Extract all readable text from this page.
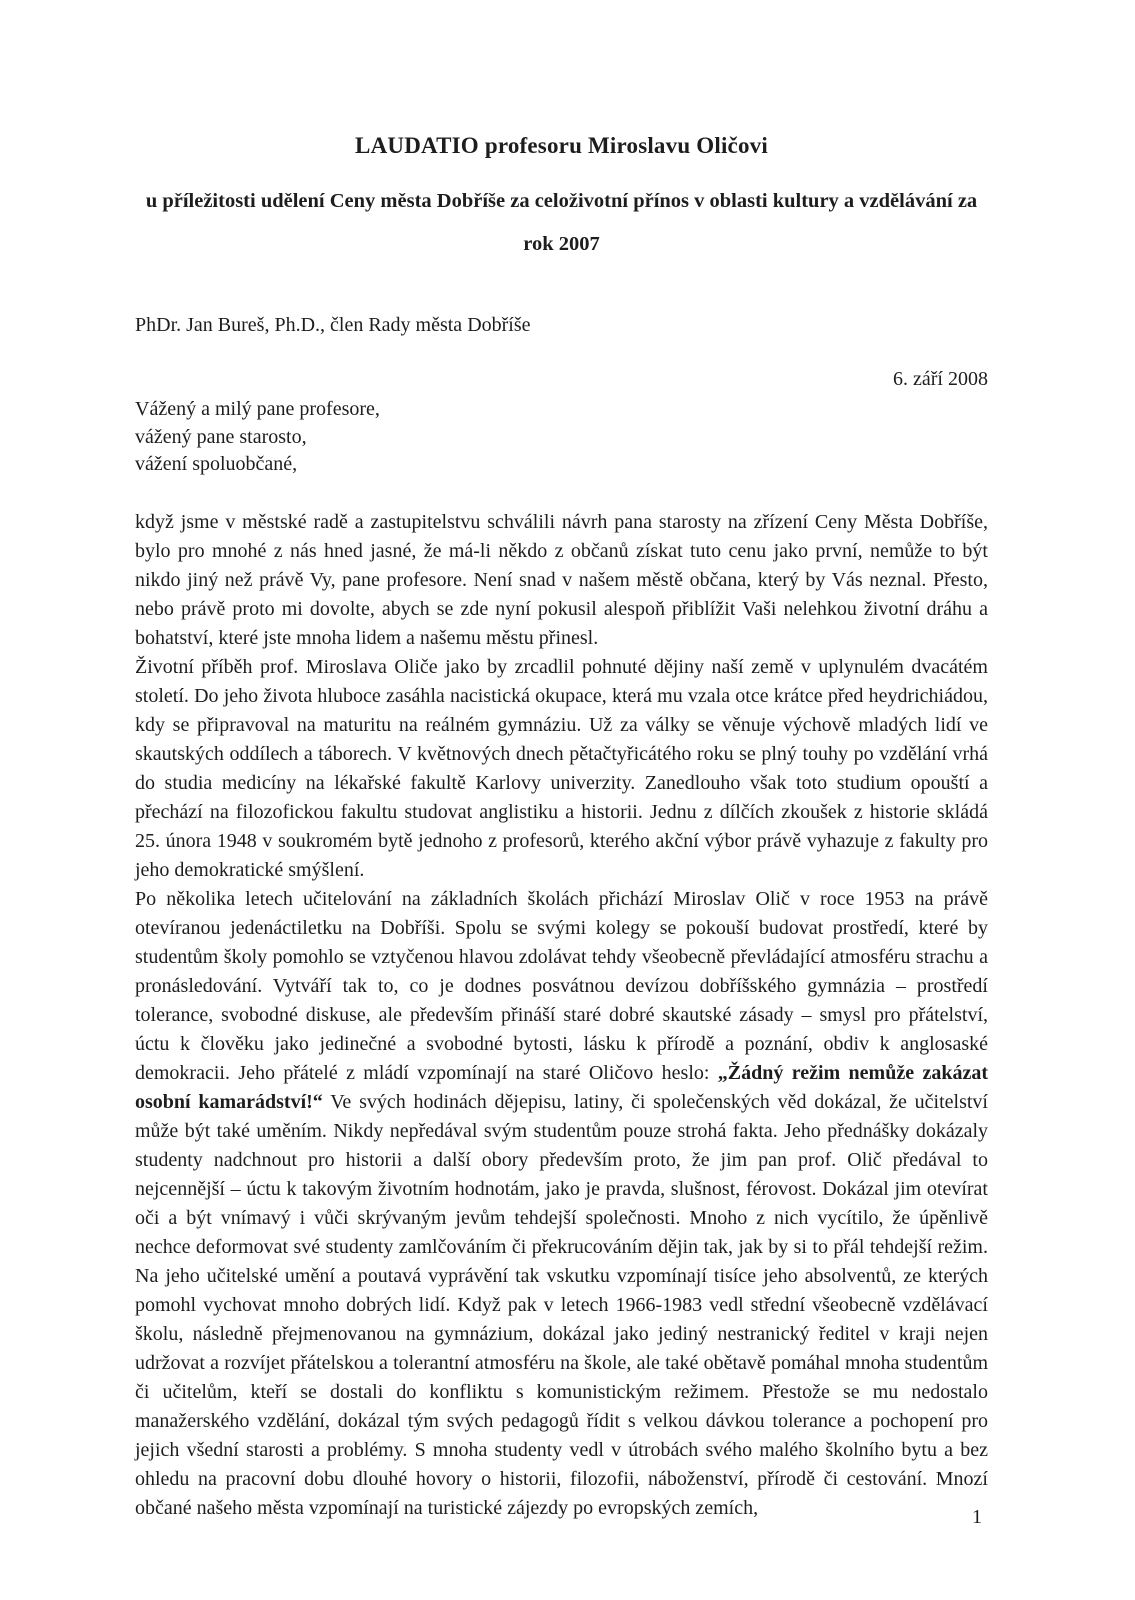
LAUDATIO profesoru Miroslavu Oličovi
u příležitosti udělení Ceny města Dobříše za celoživotní přínos v oblasti kultury a vzdělávání za rok 2007
PhDr. Jan Bureš, Ph.D., člen Rady města Dobříše
6. září 2008
Vážený a milý pane profesore,
vážený pane starosto,
vážení spoluobčané,

když jsme v městské radě a zastupitelstvu schválili návrh pana starosty na zřízení Ceny Města Dobříše, bylo pro mnohé z nás hned jasné, že má-li někdo z občanů získat tuto cenu jako první, nemůže to být nikdo jiný než právě Vy, pane profesore. Není snad v našem městě občana, který by Vás neznal. Přesto, nebo právě proto mi dovolte, abych se zde nyní pokusil alespoň přiblížit Vaši nelehkou životní dráhu a bohatství, které jste mnoha lidem a našemu městu přinesl.

Životní příběh prof. Miroslava Oliče jako by zrcadlil pohnuté dějiny naší země v uplynulém dvacátém století. Do jeho života hluboce zasáhla nacistická okupace, která mu vzala otce krátce před heydrichiádou, kdy se připravoval na maturitu na reálném gymnáziu. Už za války se věnuje výchově mladých lidí ve skautských oddílech a táborech. V květnových dnech pětačtyřicátého roku se plný touhy po vzdělání vrhá do studia medicíny na lékařské fakultě Karlovy univerzity. Zanedlouho však toto studium opouští a přechází na filozofickou fakultu studovat anglistiku a historii. Jednu z dílčích zkoušek z historie skládá 25. února 1948 v soukromém bytě jednoho z profesorů, kterého akční výbor právě vyhazuje z fakulty pro jeho demokratické smýšlení.

Po několika letech učitelování na základních školách přichází Miroslav Olič v roce 1953 na právě otevíranou jedenáctiletku na Dobříši. Spolu se svými kolegy se pokouší budovat prostředí, které by studentům školy pomohlo se vztyčenou hlavou zdolávat tehdy všeobecně převládající atmosféru strachu a pronásledování. Vytváří tak to, co je dodnes posvátnou devízou dobříšského gymnázia – prostředí tolerance, svobodné diskuse, ale především přináší staré dobré skautské zásady – smysl pro přátelství, úctu k člověku jako jedinečné a svobodné bytosti, lásku k přírodě a poznání, obdiv k anglosaské demokracii. Jeho přátelé z mládí vzpomínají na staré Oličovo heslo: „Žádný režim nemůže zakázat osobní kamarádství!“ Ve svých hodinách dějepisu, latiny, či společenských věd dokázal, že učitelství může být také uměním. Nikdy nepředával svým studentům pouze strohá fakta. Jeho přednášky dokázaly studenty nadchnout pro historii a další obory především proto, že jim pan prof. Olič předával to nejcennější – úctu k takovým životním hodnotám, jako je pravda, slušnost, férovost. Dokázal jim otevírat oči a být vnímavý i vůči skrývaným jevům tehdejší společnosti. Mnoho z nich vycítilo, že úpěnlivě nechce deformovat své studenty zamlčováním či překrucováním dějin tak, jak by si to přál tehdejší režim. Na jeho učitelské umění a poutavá vyprávění tak vskutku vzpomínají tisíce jeho absolventů, ze kterých pomohl vychovat mnoho dobrých lidí. Když pak v letech 1966-1983 vedl střední všeobecně vzdělávací školu, následně přejmenovanou na gymnázium, dokázal jako jediný nestranický ředitel v kraji nejen udržovat a rozvíjet přátelskou a tolerantní atmosféru na škole, ale také obětavě pomáhal mnoha studentům či učitelům, kteří se dostali do konfliktu s komunistickým režimem. Přestože se mu nedostalo manažerského vzdělání, dokázal tým svých pedagogů řídit s velkou dávkou tolerance a pochopení pro jejich všední starosti a problémy. S mnoha studenty vedl v útrobách svého malého školního bytu a bez ohledu na pracovní dobu dlouhé hovory o historii, filozofii, náboženství, přírodě či cestování. Mnozí občané našeho města vzpomínají na turistické zájezdy po evropských zemích,	1
